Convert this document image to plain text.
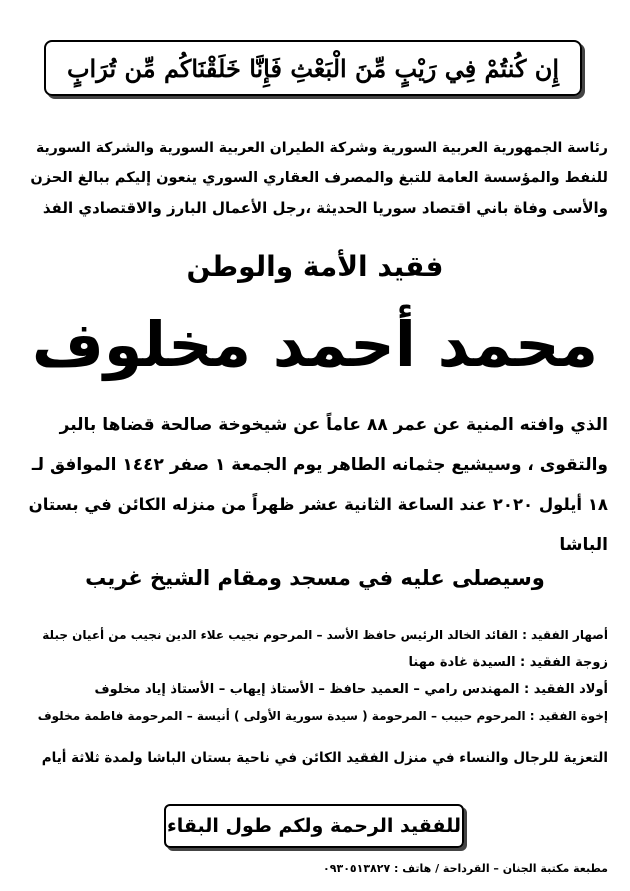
إِن كُنتُمْ فِي رَيْبٍ مِّنَ الْبَعْثِ فَإِنَّا خَلَقْنَاكُم مِّن تُرَابٍ
رئاسة الجمهورية العربية السورية وشركة الطيران العربية السورية والشركة السورية
للنفط والمؤسسة العامة للتبغ والمصرف العقاري السوري ينعون إليكم ببالغ الحزن
والأسى وفاة باني اقتصاد سوريا الحديثة ،رجل الأعمال البارز والاقتصادي الفذ
فقيد الأمة والوطن
محمد أحمد مخلوف
الذي وافته المنية عن عمر ٨٨ عاماً عن شيخوخة صالحة قضاها بالبر
والتقوى ، وسيشيع جثمانه الطاهر يوم الجمعة ١ صفر ١٤٤٢ الموافق لـ
١٨ أيلول ٢٠٢٠ عند الساعة الثانية عشر ظهراً من منزله الكائن في بستان
الباشا
وسيصلى عليه في مسجد ومقام الشيخ غريب
أصهار الفقيد : القائد الخالد الرئيس حافظ الأسد – المرحوم نجيب علاء الدين نجيب من أعيان جبلة
زوجة الفقيد : السيدة غادة مهنا
أولاد الفقيد : المهندس رامي – العميد حافظ – الأستاذ إيهاب – الأستاذ إياد مخلوف
إخوة الفقيد : المرحوم حبيب – المرحومة ( سيدة سورية الأولى ) أنيسة – المرحومة فاطمة مخلوف
التعزية للرجال والنساء في منزل الفقيد الكائن في ناحية بستان الباشا ولمدة ثلاثة أيام
للفقيد الرحمة ولكم طول البقاء
مطبعة مكتبة الجنان – القرداحة / هاتف : ٠٩٣٠٥١٣٨٢٧
